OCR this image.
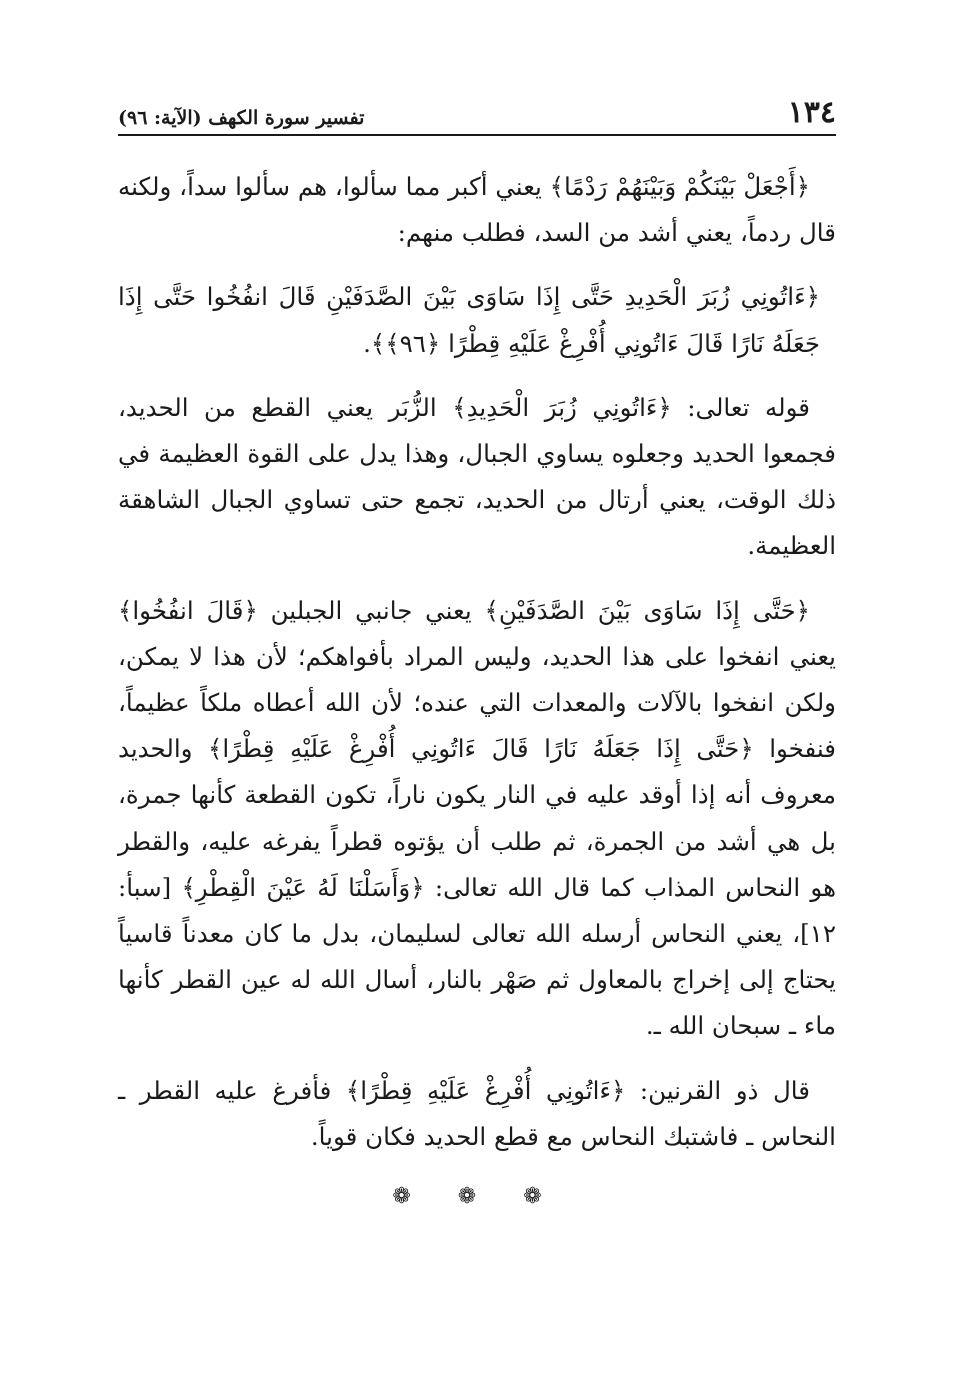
١٣٤
تفسير سورة الكهف (الآية: ٩٦)

﴿أَجْعَلْ بَيْنَكُمْ وَبَيْنَهُمْ رَدْمًا﴾ يعني أكبر مما سألوا، هم سألوا سداً، ولكنه قال ردماً، يعني أشد من السد، فطلب منهم:

﴿ءَاتُونِي زُبَرَ الْحَدِيدِ حَتَّى إِذَا سَاوَى بَيْنَ الصَّدَفَيْنِ قَالَ انفُخُوا حَتَّى إِذَا جَعَلَهُ نَارًا قَالَ ءَاتُونِي أُفْرِغْ عَلَيْهِ قِطْرًا ﴿٩٦﴾﴾.

قوله تعالى: ﴿ءَاتُونِي زُبَرَ الْحَدِيدِ﴾ الزُّبَر يعني القطع من الحديد، فجمعوا الحديد وجعلوه يساوي الجبال، وهذا يدل على القوة العظيمة في ذلك الوقت، يعني أرتال من الحديد، تجمع حتى تساوي الجبال الشاهقة العظيمة.

﴿حَتَّى إِذَا سَاوَى بَيْنَ الصَّدَفَيْنِ﴾ يعني جانبي الجبلين ﴿قَالَ انفُخُوا﴾ يعني انفخوا على هذا الحديد، وليس المراد بأفواهكم؛ لأن هذا لا يمكن، ولكن انفخوا بالآلات والمعدات التي عنده؛ لأن الله أعطاه ملكاً عظيماً، فنفخوا ﴿حَتَّى إِذَا جَعَلَهُ نَارًا قَالَ ءَاتُونِي أُفْرِغْ عَلَيْهِ قِطْرًا﴾ والحديد معروف أنه إذا أوقد عليه في النار يكون ناراً، تكون القطعة كأنها جمرة، بل هي أشد من الجمرة، ثم طلب أن يؤتوه قطراً يفرغه عليه، والقطر هو النحاس المذاب كما قال الله تعالى: ﴿وَأَسَلْنَا لَهُ عَيْنَ الْقِطْرِ﴾ [سبأ: ١٢]، يعني النحاس أرسله الله تعالى لسليمان، بدل ما كان معدناً قاسياً يحتاج إلى إخراج بالمعاول ثم صَهْر بالنار، أسال الله له عين القطر كأنها ماء ـ سبحان الله ـ.

قال ذو القرنين: ﴿ءَاتُونِي أُفْرِغْ عَلَيْهِ قِطْرًا﴾ فأفرغ عليه القطر ـ النحاس ـ فاشتبك النحاس مع قطع الحديد فكان قوياً.

❁ ❁ ❁
